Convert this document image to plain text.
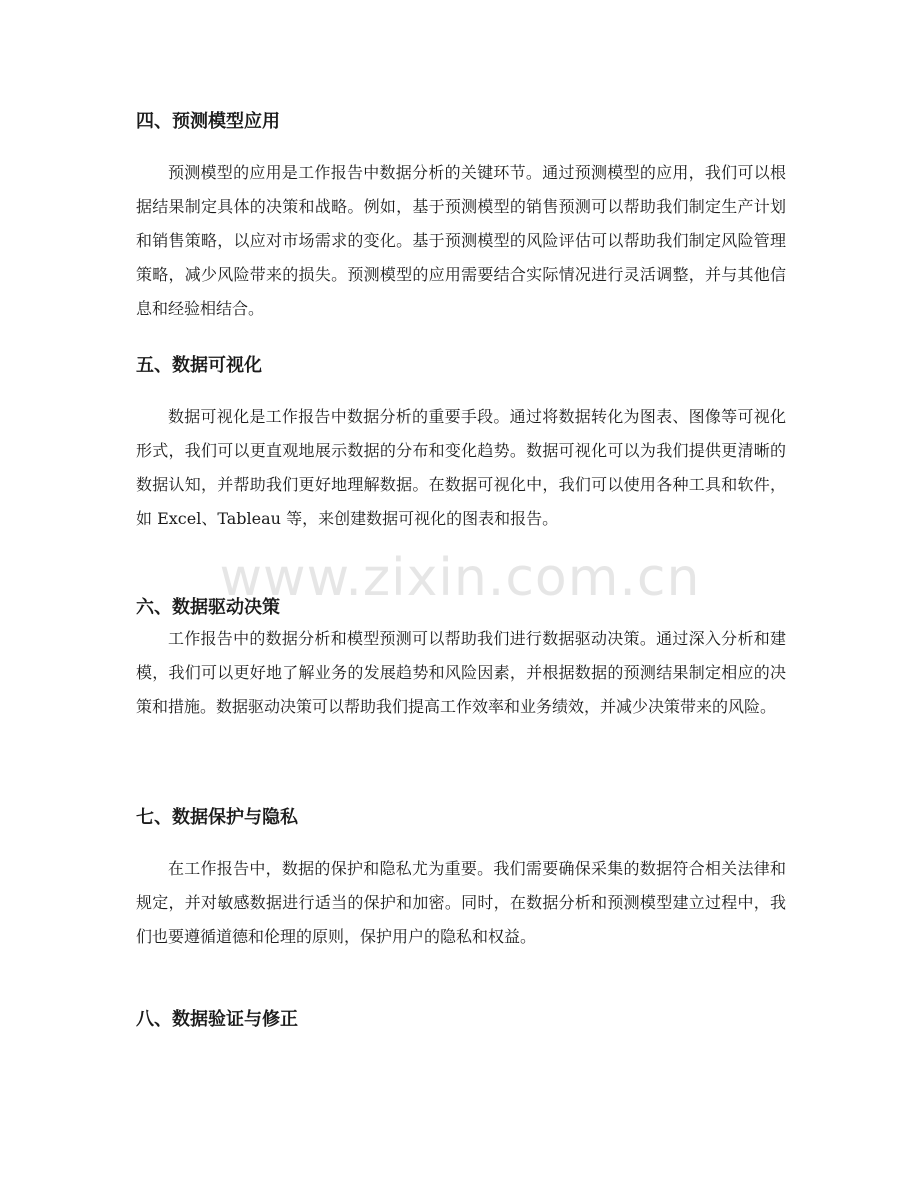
四、预测模型应用

预测模型的应用是工作报告中数据分析的关键环节。通过预测模型的应用，我们可以根据结果制定具体的决策和战略。例如，基于预测模型的销售预测可以帮助我们制定生产计划和销售策略，以应对市场需求的变化。基于预测模型的风险评估可以帮助我们制定风险管理策略，减少风险带来的损失。预测模型的应用需要结合实际情况进行灵活调整，并与其他信息和经验相结合。

五、数据可视化

数据可视化是工作报告中数据分析的重要手段。通过将数据转化为图表、图像等可视化形式，我们可以更直观地展示数据的分布和变化趋势。数据可视化可以为我们提供更清晰的数据认知，并帮助我们更好地理解数据。在数据可视化中，我们可以使用各种工具和软件，如 Excel、Tableau 等，来创建数据可视化的图表和报告。

六、数据驱动决策

工作报告中的数据分析和模型预测可以帮助我们进行数据驱动决策。通过深入分析和建模，我们可以更好地了解业务的发展趋势和风险因素，并根据数据的预测结果制定相应的决策和措施。数据驱动决策可以帮助我们提高工作效率和业务绩效，并减少决策带来的风险。

七、数据保护与隐私

在工作报告中，数据的保护和隐私尤为重要。我们需要确保采集的数据符合相关法律和规定，并对敏感数据进行适当的保护和加密。同时，在数据分析和预测模型建立过程中，我们也要遵循道德和伦理的原则，保护用户的隐私和权益。

八、数据验证与修正
www.zixin.com.cn
